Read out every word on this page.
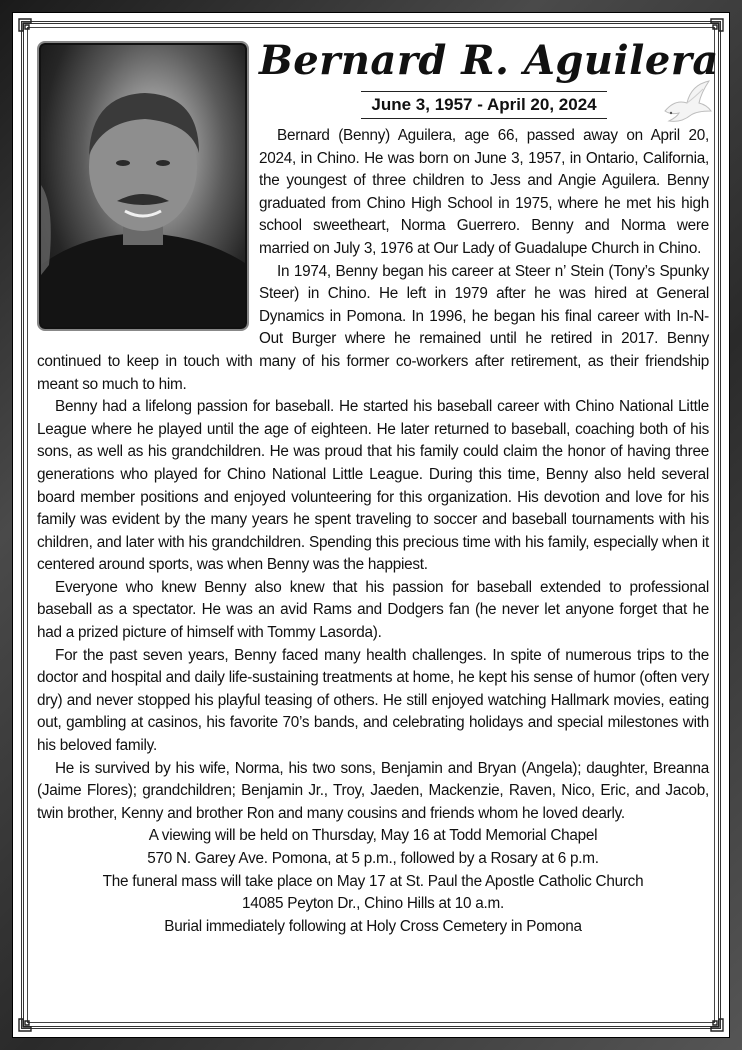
Bernard R. Aguilera
June 3, 1957 - April 20, 2024

Bernard (Benny) Aguilera, age 66, passed away on April 20, 2024, in Chino. He was born on June 3, 1957, in Ontario, California, the youngest of three children to Jess and Angie Aguilera. Benny graduated from Chino High School in 1975, where he met his high school sweetheart, Norma Guerrero. Benny and Norma were married on July 3, 1976 at Our Lady of Guadalupe Church in Chino.

In 1974, Benny began his career at Steer n’ Stein (Tony’s Spunky Steer) in Chino. He left in 1979 after he was hired at General Dynamics in Pomona. In 1996, he began his final career with In-N-Out Burger where he remained until he retired in 2017. Benny continued to keep in touch with many of his former co-workers after retirement, as their friendship meant so much to him.

Benny had a lifelong passion for baseball. He started his baseball career with Chino National Little League where he played until the age of eighteen. He later returned to baseball, coaching both of his sons, as well as his grandchildren. He was proud that his family could claim the honor of having three generations who played for Chino National Little League. During this time, Benny also held several board member positions and enjoyed volunteering for this organization. His devotion and love for his family was evident by the many years he spent traveling to soccer and baseball tournaments with his children, and later with his grandchildren. Spending this precious time with his family, especially when it centered around sports, was when Benny was the happiest.

Everyone who knew Benny also knew that his passion for baseball extended to professional baseball as a spectator. He was an avid Rams and Dodgers fan (he never let anyone forget that he had a prized picture of himself with Tommy Lasorda).

For the past seven years, Benny faced many health challenges. In spite of numerous trips to the doctor and hospital and daily life-sustaining treatments at home, he kept his sense of humor (often very dry) and never stopped his playful teasing of others. He still enjoyed watching Hallmark movies, eating out, gambling at casinos, his favorite 70’s bands, and celebrating holidays and special milestones with his beloved family.

He is survived by his wife, Norma, his two sons, Benjamin and Bryan (Angela); daughter, Breanna (Jaime Flores); grandchildren; Benjamin Jr., Troy, Jaeden, Mackenzie, Raven, Nico, Eric, and Jacob, twin brother, Kenny and brother Ron and many cousins and friends whom he loved dearly.

A viewing will be held on Thursday, May 16 at Todd Memorial Chapel
570 N. Garey Ave. Pomona, at 5 p.m., followed by a Rosary at 6 p.m.
The funeral mass will take place on May 17 at St. Paul the Apostle Catholic Church
14085 Peyton Dr., Chino Hills at 10 a.m.
Burial immediately following at Holy Cross Cemetery in Pomona
